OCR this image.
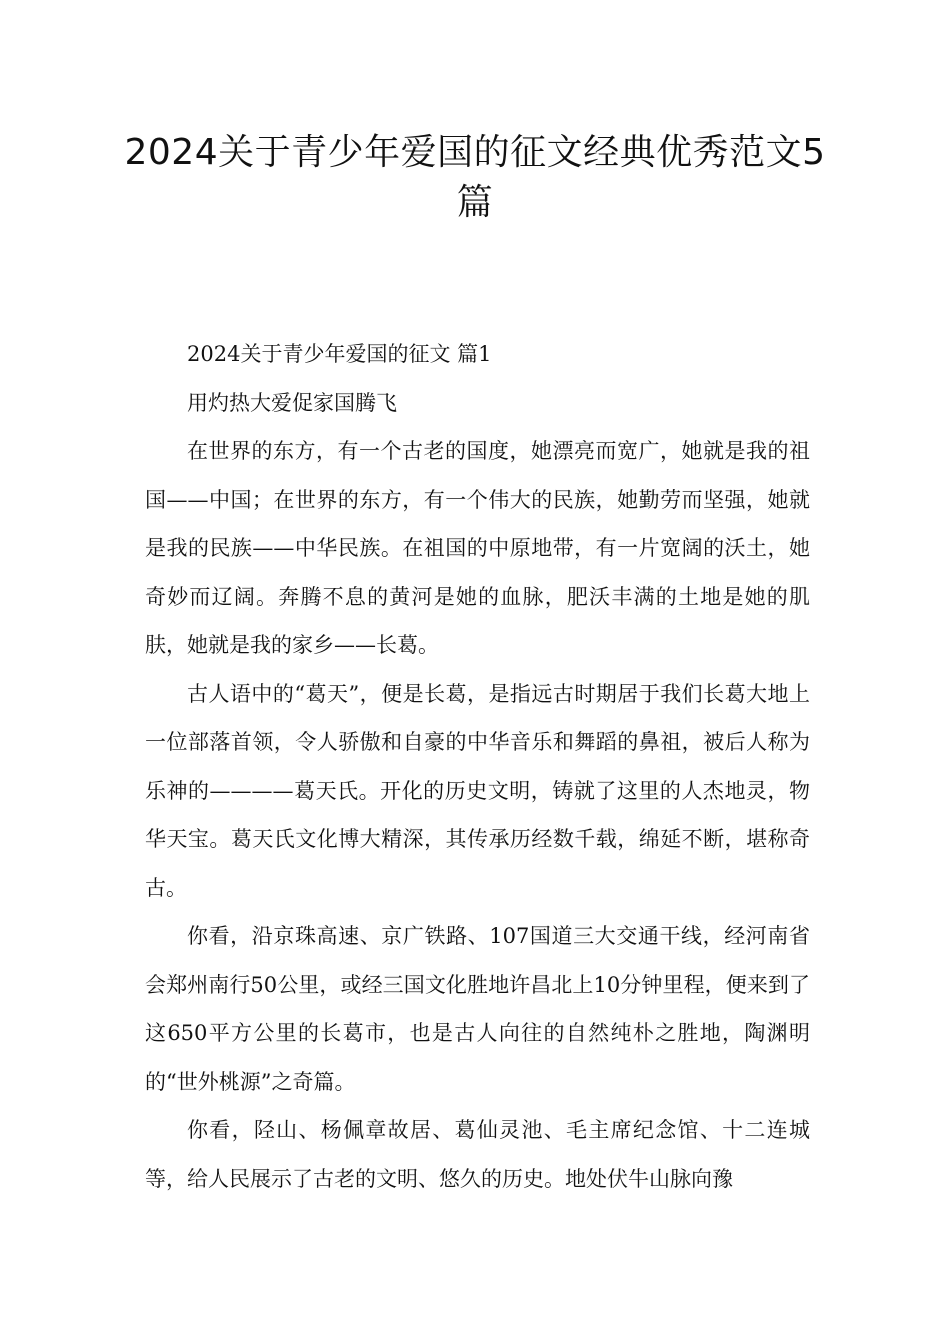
2024关于青少年爱国的征文经典优秀范文5篇

2024关于青少年爱国的征文 篇1

用灼热大爱促家国腾飞

在世界的东方，有一个古老的国度，她漂亮而宽广，她就是我的祖国——中国；在世界的东方，有一个伟大的民族，她勤劳而坚强，她就是我的民族——中华民族。在祖国的中原地带，有一片宽阔的沃土，她奇妙而辽阔。奔腾不息的黄河是她的血脉，肥沃丰满的土地是她的肌肤，她就是我的家乡——长葛。

古人语中的“葛天”，便是长葛，是指远古时期居于我们长葛大地上一位部落首领，令人骄傲和自豪的中华音乐和舞蹈的鼻祖，被后人称为乐神的————葛天氏。开化的历史文明，铸就了这里的人杰地灵，物华天宝。葛天氏文化博大精深，其传承历经数千载，绵延不断，堪称奇古。

你看，沿京珠高速、京广铁路、107国道三大交通干线，经河南省会郑州南行50公里，或经三国文化胜地许昌北上10分钟里程，便来到了这650平方公里的长葛市，也是古人向往的自然纯朴之胜地，陶渊明的“世外桃源”之奇篇。

你看，陉山、杨佩章故居、葛仙灵池、毛主席纪念馆、十二连城等，给人民展示了古老的文明、悠久的历史。地处伏牛山脉向豫
